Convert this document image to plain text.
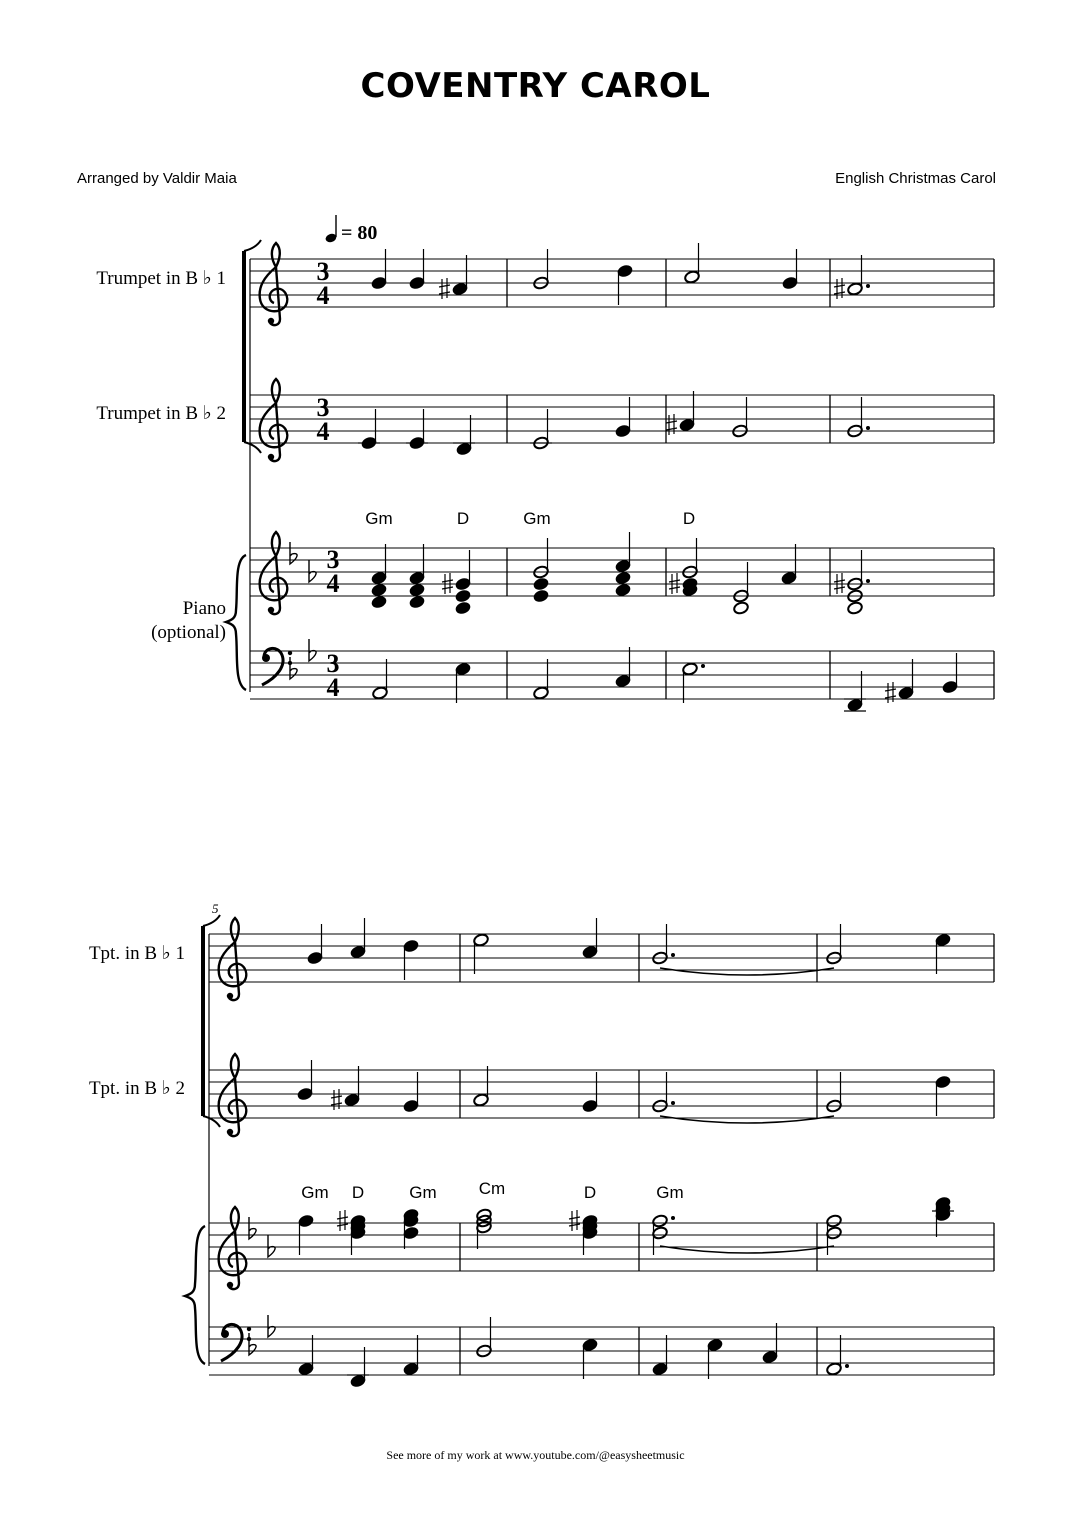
COVENTRY CAROL
Arranged by Valdir Maia	English Christmas Carol
= 80
Trumpet in B ♭ 1
Trumpet in B ♭ 2
Piano
(optional)
3
4
3
4
3
4
3
4
Gm	D	Gm	D
5
Tpt. in B ♭ 1
Tpt. in B ♭ 2
Gm D	Gm Cm	D	Gm
See more of my work at www.youtube.com/@easysheetmusic
